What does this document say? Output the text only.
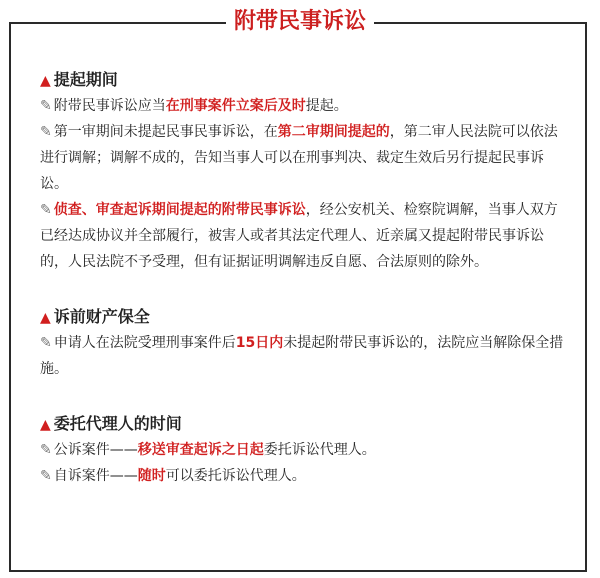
附带民事诉讼
▲ 提起期间

✎ 附带民事诉讼应当在刑事案件立案后及时提起。

✎ 第一审期间未提起民事民事诉讼，在第二审期间提起的，第二审人民法院可以依法进行调解；调解不成的，告知当事人可以在刑事判决、裁定生效后另行提起民事诉讼。

✎ 侦查、审查起诉期间提起的附带民事诉讼，经公安机关、检察院调解，当事人双方已经达成协议并全部履行，被害人或者其法定代理人、近亲属又提起附带民事诉讼的，人民法院不予受理，但有证据证明调解违反自愿、合法原则的除外。

▲ 诉前财产保全

✎ 申请人在法院受理刑事案件后15日内未提起附带民事诉讼的，法院应当解除保全措施。

▲ 委托代理人的时间

✎ 公诉案件——移送审查起诉之日起委托诉讼代理人。

✎ 自诉案件——随时可以委托诉讼代理人。
